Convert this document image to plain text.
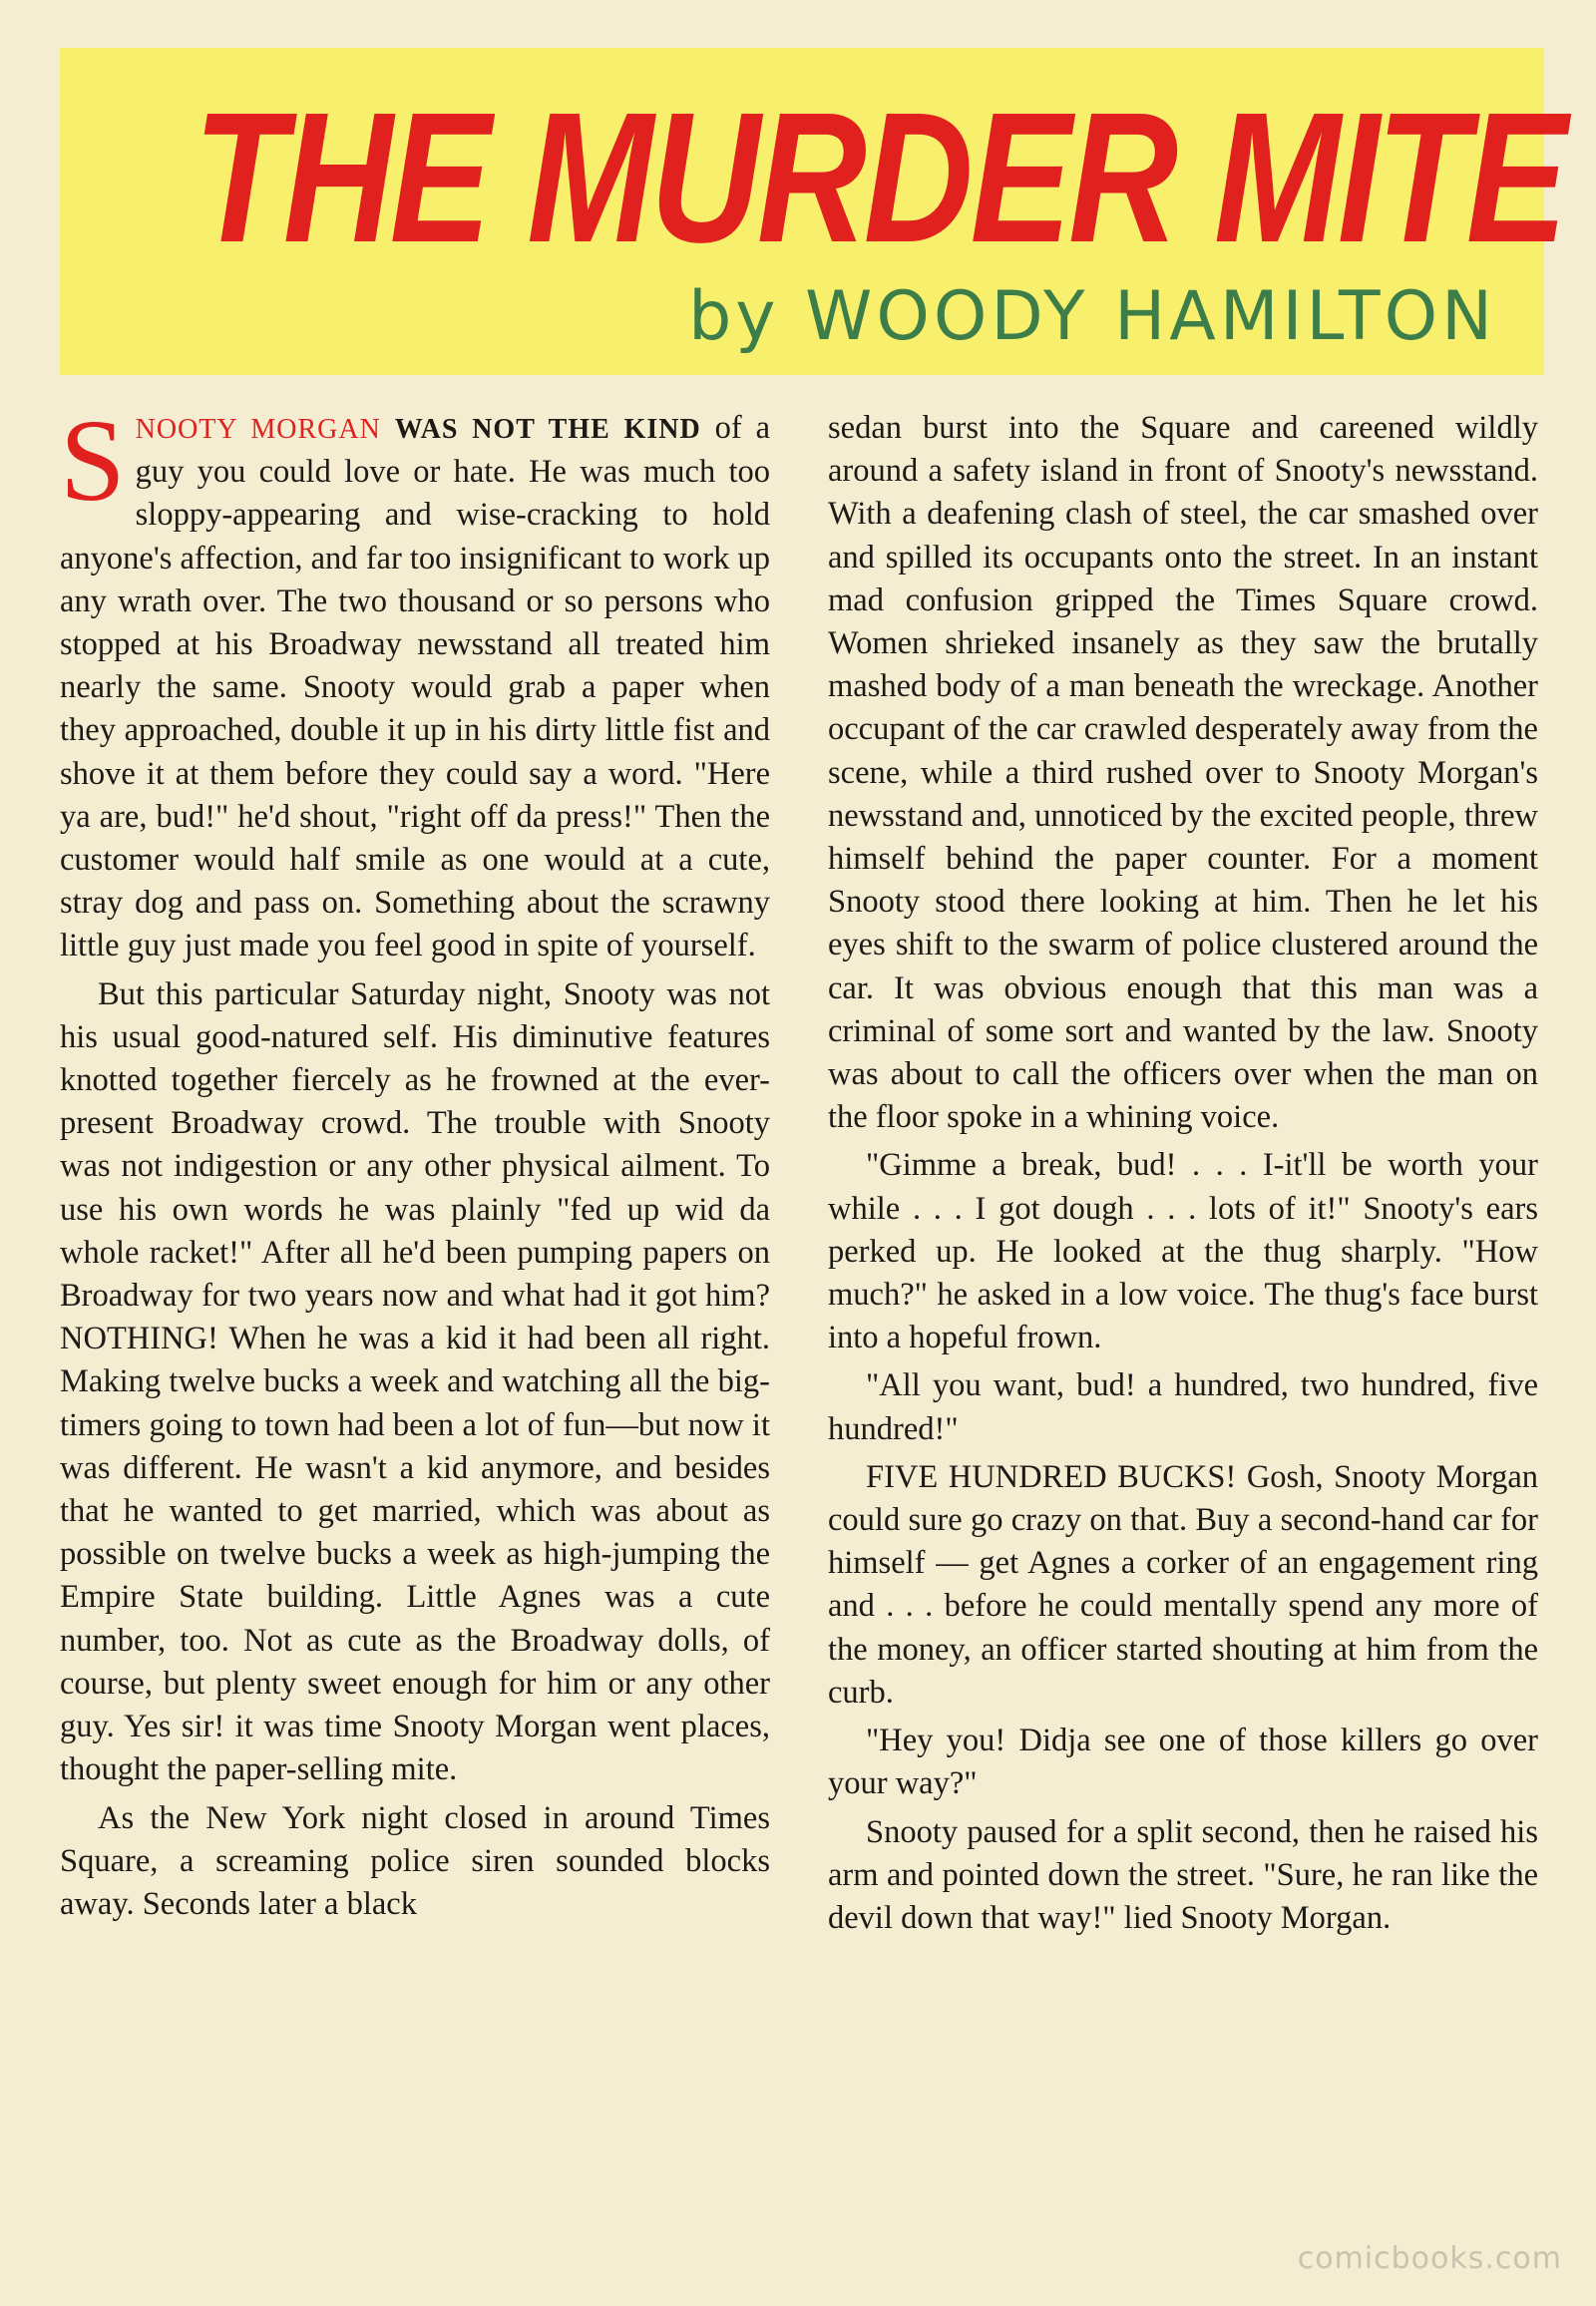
THE MURDER MITE
by WOODY HAMILTON

SNOOTY MORGAN WAS NOT THE KIND of a guy you could love or hate. He was much too sloppy-appearing and wise-cracking to hold anyone's affection, and far too insignificant to work up any wrath over. The two thousand or so persons who stopped at his Broadway newsstand all treated him nearly the same. Snooty would grab a paper when they approached, double it up in his dirty little fist and shove it at them before they could say a word. "Here ya are, bud!" he'd shout, "right off da press!" Then the customer would half smile as one would at a cute, stray dog and pass on. Something about the scrawny little guy just made you feel good in spite of yourself.

But this particular Saturday night, Snooty was not his usual good-natured self. His diminutive features knotted together fiercely as he frowned at the ever-present Broadway crowd. The trouble with Snooty was not indigestion or any other physical ailment. To use his own words he was plainly "fed up wid da whole racket!" After all he'd been pumping papers on Broadway for two years now and what had it got him? NOTHING! When he was a kid it had been all right. Making twelve bucks a week and watching all the big-timers going to town had been a lot of fun—but now it was different. He wasn't a kid anymore, and besides that he wanted to get married, which was about as possible on twelve bucks a week as high-jumping the Empire State building. Little Agnes was a cute number, too. Not as cute as the Broadway dolls, of course, but plenty sweet enough for him or any other guy. Yes sir! it was time Snooty Morgan went places, thought the paper-selling mite.

As the New York night closed in around Times Square, a screaming police siren sounded blocks away. Seconds later a black

sedan burst into the Square and careened wildly around a safety island in front of Snooty's newsstand. With a deafening clash of steel, the car smashed over and spilled its occupants onto the street. In an instant mad confusion gripped the Times Square crowd. Women shrieked insanely as they saw the brutally mashed body of a man beneath the wreckage. Another occupant of the car crawled desperately away from the scene, while a third rushed over to Snooty Morgan's newsstand and, unnoticed by the excited people, threw himself behind the paper counter. For a moment Snooty stood there looking at him. Then he let his eyes shift to the swarm of police clustered around the car. It was obvious enough that this man was a criminal of some sort and wanted by the law. Snooty was about to call the officers over when the man on the floor spoke in a whining voice.

"Gimme a break, bud! . . . I-it'll be worth your while . . . I got dough . . . lots of it!" Snooty's ears perked up. He looked at the thug sharply. "How much?" he asked in a low voice. The thug's face burst into a hopeful frown.

"All you want, bud! a hundred, two hundred, five hundred!"

FIVE HUNDRED BUCKS! Gosh, Snooty Morgan could sure go crazy on that. Buy a second-hand car for himself — get Agnes a corker of an engagement ring and . . . before he could mentally spend any more of the money, an officer started shouting at him from the curb.

"Hey you! Didja see one of those killers go over your way?"

Snooty paused for a split second, then he raised his arm and pointed down the street. "Sure, he ran like the devil down that way!" lied Snooty Morgan.

comicbooks.com
